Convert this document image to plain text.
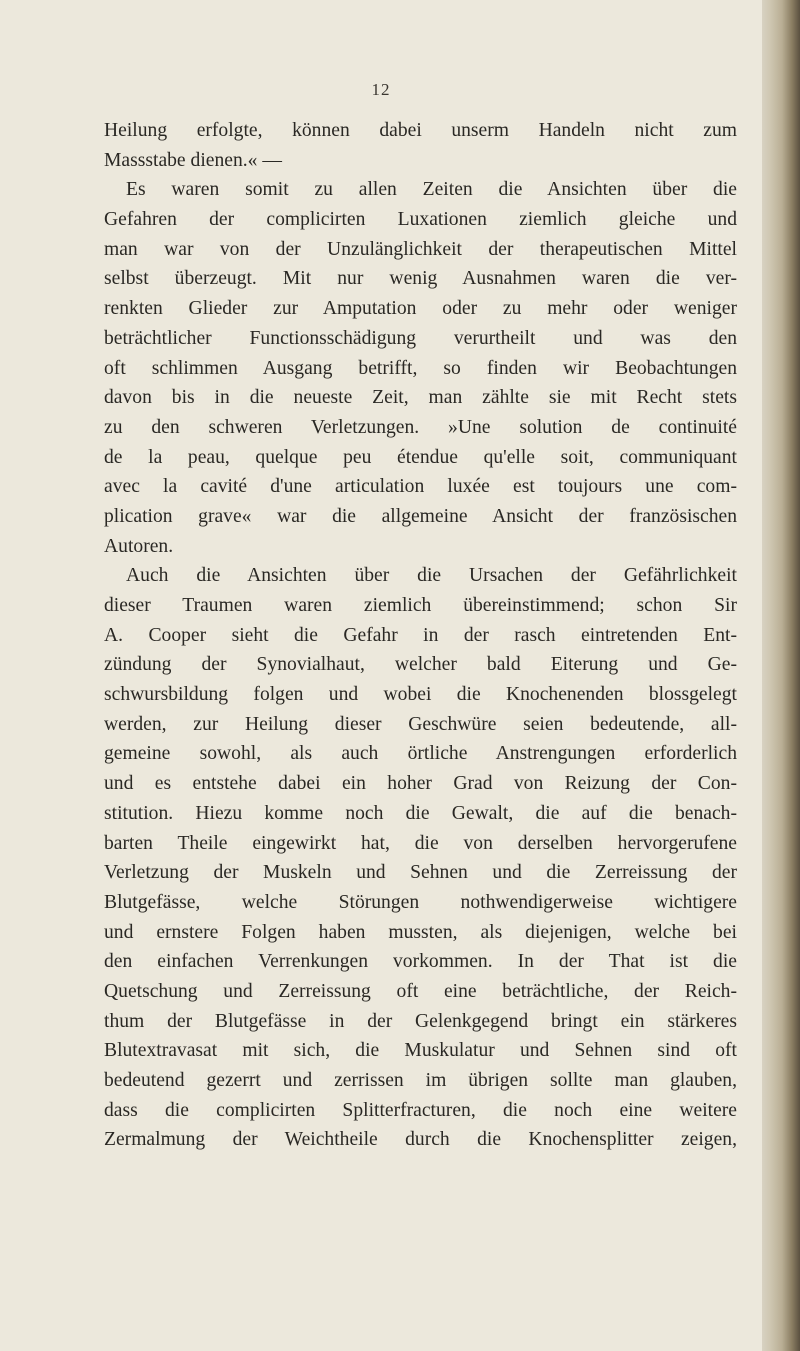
12
Heilung erfolgte, können dabei unserm Handeln nicht zum
Massstabe dienen.« —
Es waren somit zu allen Zeiten die Ansichten über die
Gefahren der complicirten Luxationen ziemlich gleiche und
man war von der Unzulänglichkeit der therapeutischen Mittel
selbst überzeugt. Mit nur wenig Ausnahmen waren die ver-
renkten Glieder zur Amputation oder zu mehr oder weniger
beträchtlicher Functionsschädigung verurtheilt und was den
oft schlimmen Ausgang betrifft, so finden wir Beobachtungen
davon bis in die neueste Zeit, man zählte sie mit Recht stets
zu den schweren Verletzungen. »Une solution de continuité
de la peau, quelque peu étendue qu'elle soit, communiquant
avec la cavité d'une articulation luxée est toujours une com-
plication grave« war die allgemeine Ansicht der französischen
Autoren.
Auch die Ansichten über die Ursachen der Gefährlichkeit
dieser Traumen waren ziemlich übereinstimmend; schon Sir
A. Cooper sieht die Gefahr in der rasch eintretenden Ent-
zündung der Synovialhaut, welcher bald Eiterung und Ge-
schwursbildung folgen und wobei die Knochenenden blossgelegt
werden, zur Heilung dieser Geschwüre seien bedeutende, all-
gemeine sowohl, als auch örtliche Anstrengungen erforderlich
und es entstehe dabei ein hoher Grad von Reizung der Con-
stitution. Hiezu komme noch die Gewalt, die auf die benach-
barten Theile eingewirkt hat, die von derselben hervorgerufene
Verletzung der Muskeln und Sehnen und die Zerreissung der
Blutgefässe, welche Störungen nothwendigerweise wichtigere
und ernstere Folgen haben mussten, als diejenigen, welche bei
den einfachen Verrenkungen vorkommen. In der That ist die
Quetschung und Zerreissung oft eine beträchtliche, der Reich-
thum der Blutgefässe in der Gelenkgegend bringt ein stärkeres
Blutextravasat mit sich, die Muskulatur und Sehnen sind oft
bedeutend gezerrt und zerrissen im übrigen sollte man glauben,
dass die complicirten Splitterfracturen, die noch eine weitere
Zermalmung der Weichtheile durch die Knochensplitter zeigen,
